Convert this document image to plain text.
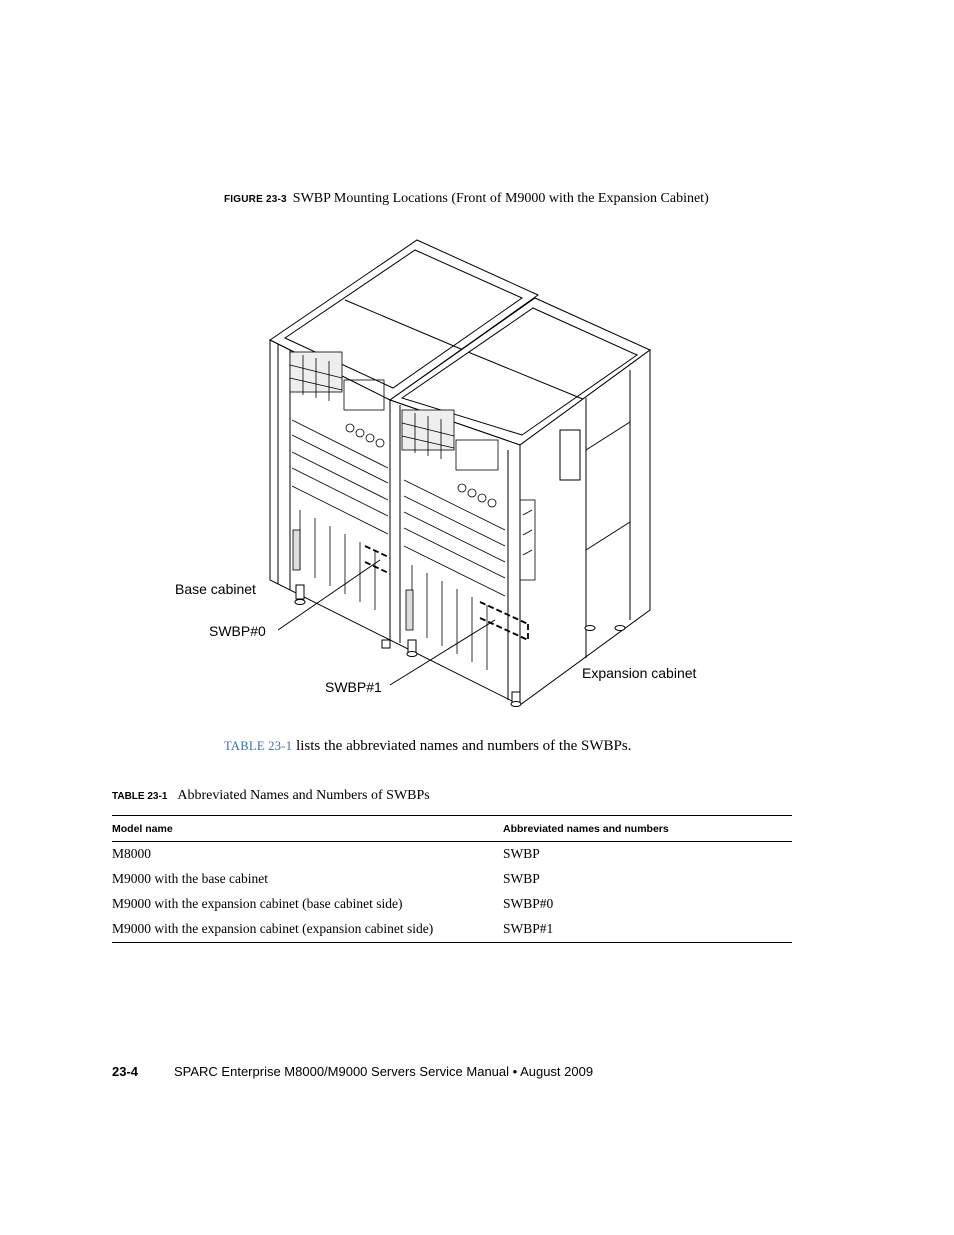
FIGURE 23-3 SWBP Mounting Locations (Front of M9000 with the Expansion Cabinet)
Base cabinet
SWBP#0
SWBP#1
Expansion cabinet
TABLE 23-1 lists the abbreviated names and numbers of the SWBPs.
TABLE 23-1 Abbreviated Names and Numbers of SWBPs
Model name	Abbreviated names and numbers
M8000	SWBP
M9000 with the base cabinet	SWBP
M9000 with the expansion cabinet (base cabinet side)	SWBP#0
M9000 with the expansion cabinet (expansion cabinet side)	SWBP#1
23-4	SPARC Enterprise M8000/M9000 Servers Service Manual • August 2009
